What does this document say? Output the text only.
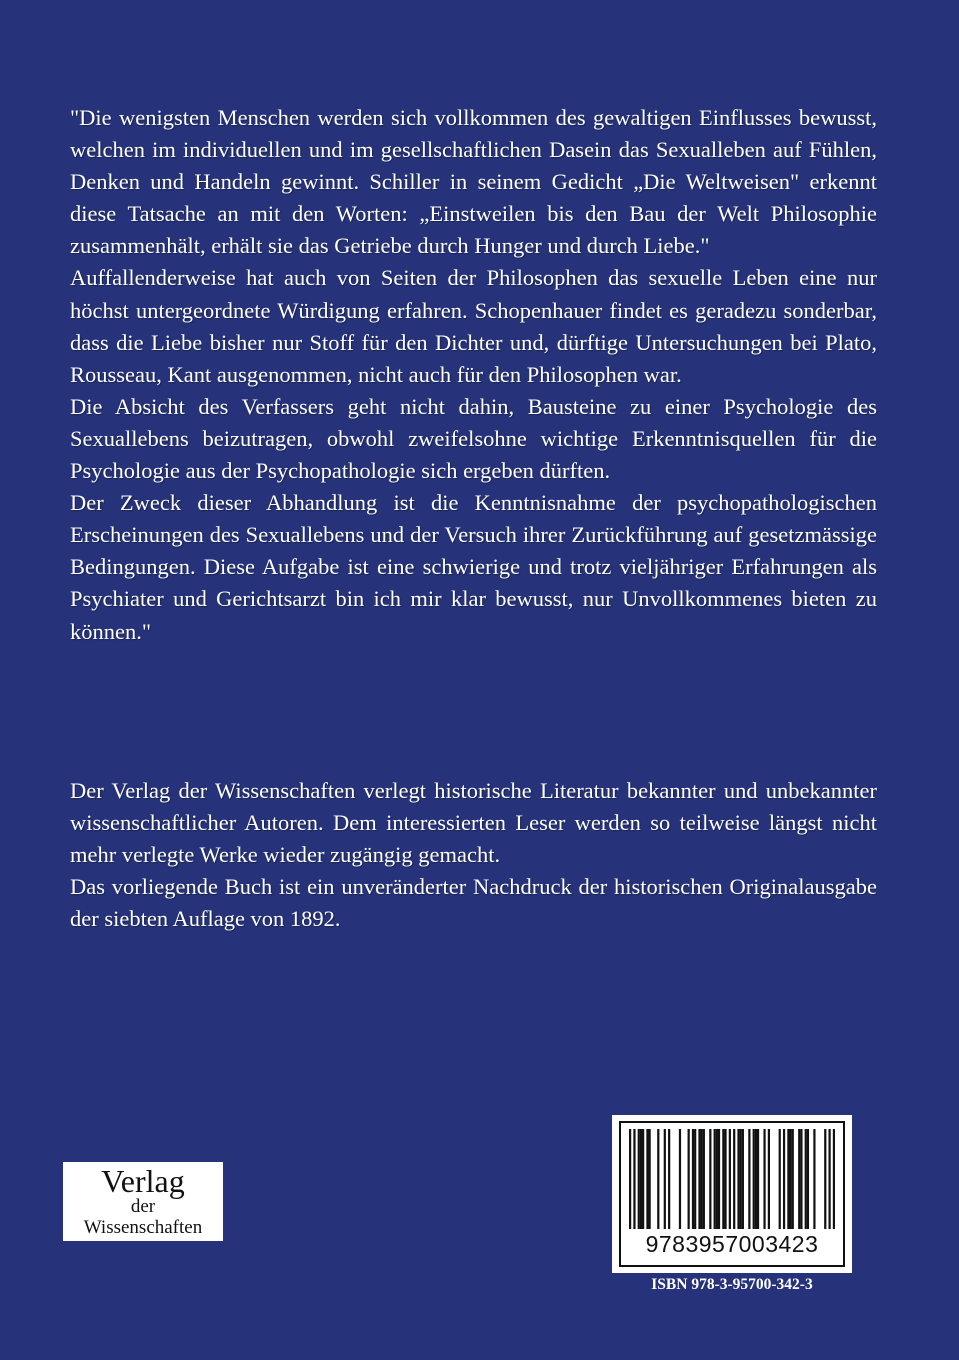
"Die wenigsten Menschen werden sich vollkommen des gewaltigen Einflusses bewusst, welchen im individuellen und im gesellschaftlichen Dasein das Sexualleben auf Fühlen, Denken und Handeln gewinnt. Schiller in seinem Gedicht „Die Weltweisen" erkennt diese Tatsache an mit den Worten: „Einstweilen bis den Bau der Welt Philosophie zusammenhält, erhält sie das Getriebe durch Hunger und durch Liebe."

Auffallenderweise hat auch von Seiten der Philosophen das sexuelle Leben eine nur höchst untergeordnete Würdigung erfahren. Schopenhauer findet es geradezu sonderbar, dass die Liebe bisher nur Stoff für den Dichter und, dürftige Untersuchungen bei Plato, Rousseau, Kant ausgenommen, nicht auch für den Philosophen war.

Die Absicht des Verfassers geht nicht dahin, Bausteine zu einer Psychologie des Sexuallebens beizutragen, obwohl zweifelsohne wichtige Erkenntnisquellen für die Psychologie aus der Psychopathologie sich ergeben dürften.

Der Zweck dieser Abhandlung ist die Kenntnisnahme der psychopathologischen Erscheinungen des Sexuallebens und der Versuch ihrer Zurückführung auf gesetzmässige Bedingungen. Diese Aufgabe ist eine schwierige und trotz vieljähriger Erfahrungen als Psychiater und Gerichtsarzt bin ich mir klar bewusst, nur Unvollkommenes bieten zu können."

Der Verlag der Wissenschaften verlegt historische Literatur bekannter und unbekannter wissenschaftlicher Autoren. Dem interessierten Leser werden so teilweise längst nicht mehr verlegte Werke wieder zugängig gemacht.

Das vorliegende Buch ist ein unveränderter Nachdruck der historischen Originalausgabe der siebten Auflage von 1892.

Verlag
der
Wissenschaften
9783957003423
ISBN 978-3-95700-342-3
